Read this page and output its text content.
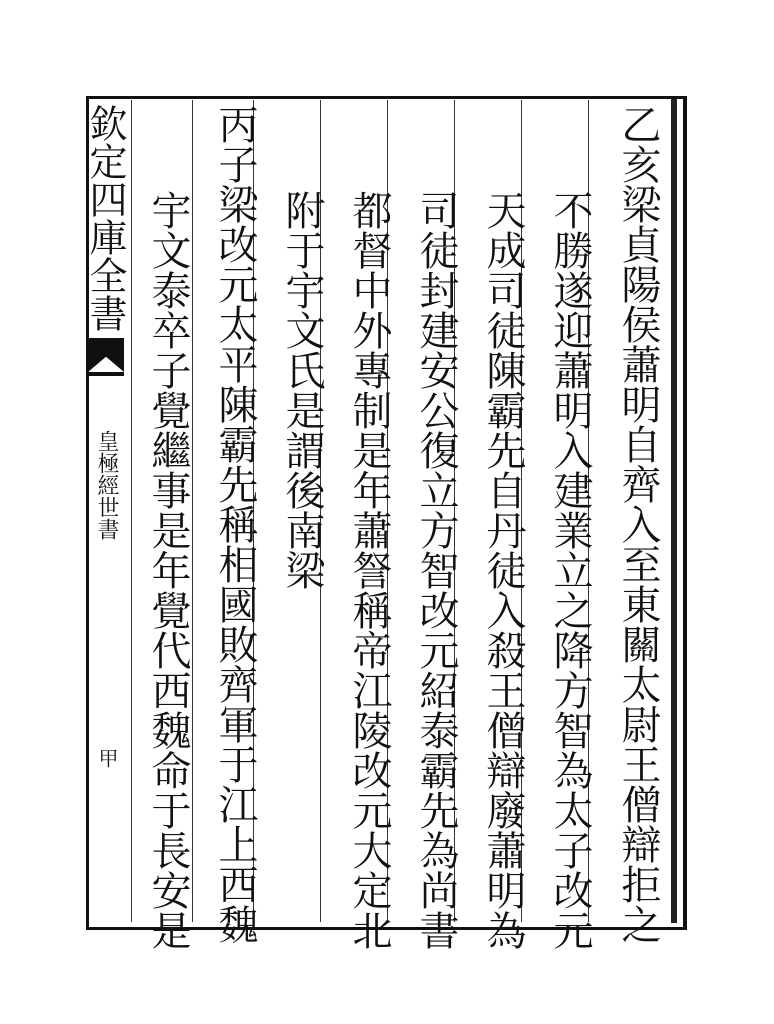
欽定四庫全書
皇極經世書
甲	乙亥梁貞陽侯蕭明自齊入至東關太尉王僧辯拒之
不勝遂迎蕭明入建業立之降方智為太子改元
天成司徒陳霸先自丹徒入殺王僧辯廢蕭明為
司徒封建安公復立方智改元紹泰霸先為尚書
都督中外專制是年蕭詧稱帝江陵改元大定北
附于宇文氏是謂後南梁
丙子梁改元太平陳霸先稱相國敗齊軍于江上西魏
宇文泰卒子覺繼事是年覺代西魏命于長安是
